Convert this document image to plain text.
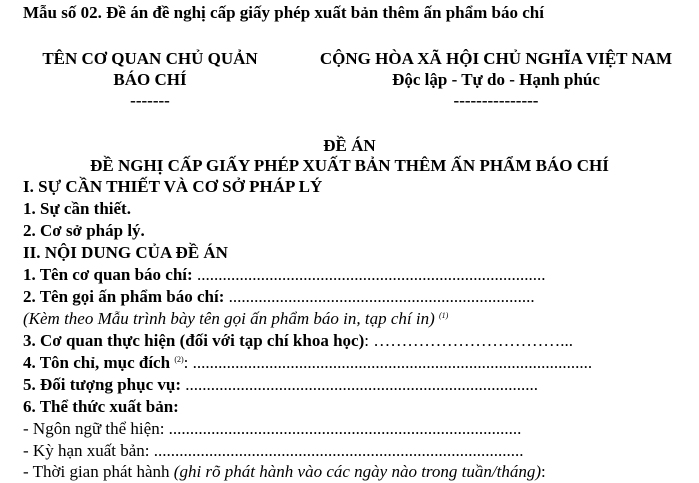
Mẫu số 02. Đề án đề nghị cấp giấy phép xuất bản thêm ấn phẩm báo chí
TÊN CƠ QUAN CHỦ QUẢN
BÁO CHÍ
-------
CỘNG HÒA XÃ HỘI CHỦ NGHĨA VIỆT NAM
Độc lập - Tự do - Hạnh phúc
---------------
ĐỀ ÁN
ĐỀ NGHỊ CẤP GIẤY PHÉP XUẤT BẢN THÊM ẤN PHẨM BÁO CHÍ
I. SỰ CẦN THIẾT VÀ CƠ SỞ PHÁP LÝ
1. Sự cần thiết.
2. Cơ sở pháp lý.
II. NỘI DUNG CỦA ĐỀ ÁN
1. Tên cơ quan báo chí: ..................................................................................
2. Tên gọi ấn phẩm báo chí: ........................................................................
(Kèm theo Mẫu trình bày tên gọi ấn phẩm báo in, tạp chí in) $^{(1)}$
3. Cơ quan thực hiện (đối với tạp chí khoa học): ……………………………...
4. Tôn chỉ, mục đích $^{(2)}$: ..............................................................................................
5. Đối tượng phục vụ: ...................................................................................
6. Thể thức xuất bản:
- Ngôn ngữ thể hiện: ...................................................................................
- Kỳ hạn xuất bản: .......................................................................................
- Thời gian phát hành (ghi rõ phát hành vào các ngày nào trong tuần/tháng):
